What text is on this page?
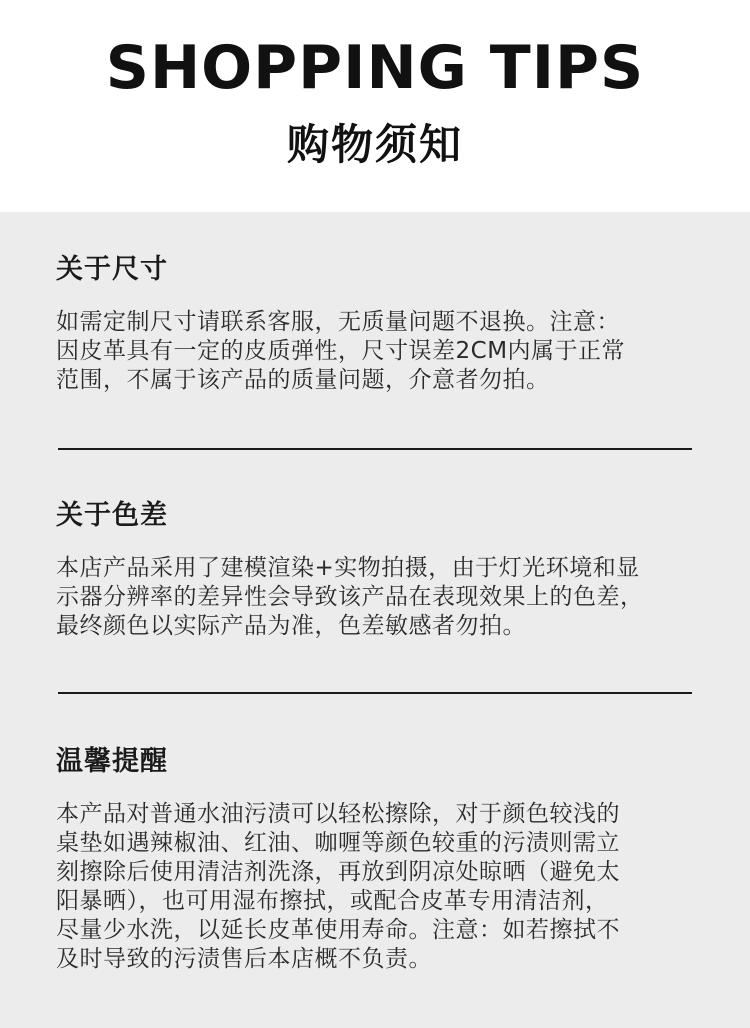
SHOPPING TIPS
购物须知
关于尺寸
如需定制尺寸请联系客服，无质量问题不退换。注意：
因皮革具有一定的皮质弹性，尺寸误差2CM内属于正常
范围，不属于该产品的质量问题，介意者勿拍。
关于色差
本店产品采用了建模渲染+实物拍摄，由于灯光环境和显
示器分辨率的差异性会导致该产品在表现效果上的色差，
最终颜色以实际产品为准，色差敏感者勿拍。
温馨提醒
本产品对普通水油污渍可以轻松擦除，对于颜色较浅的
桌垫如遇辣椒油、红油、咖喱等颜色较重的污渍则需立
刻擦除后使用清洁剂洗涤，再放到阴凉处晾晒（避免太
阳暴晒），也可用湿布擦拭，或配合皮革专用清洁剂，
尽量少水洗，以延长皮革使用寿命。注意：如若擦拭不
及时导致的污渍售后本店概不负责。
